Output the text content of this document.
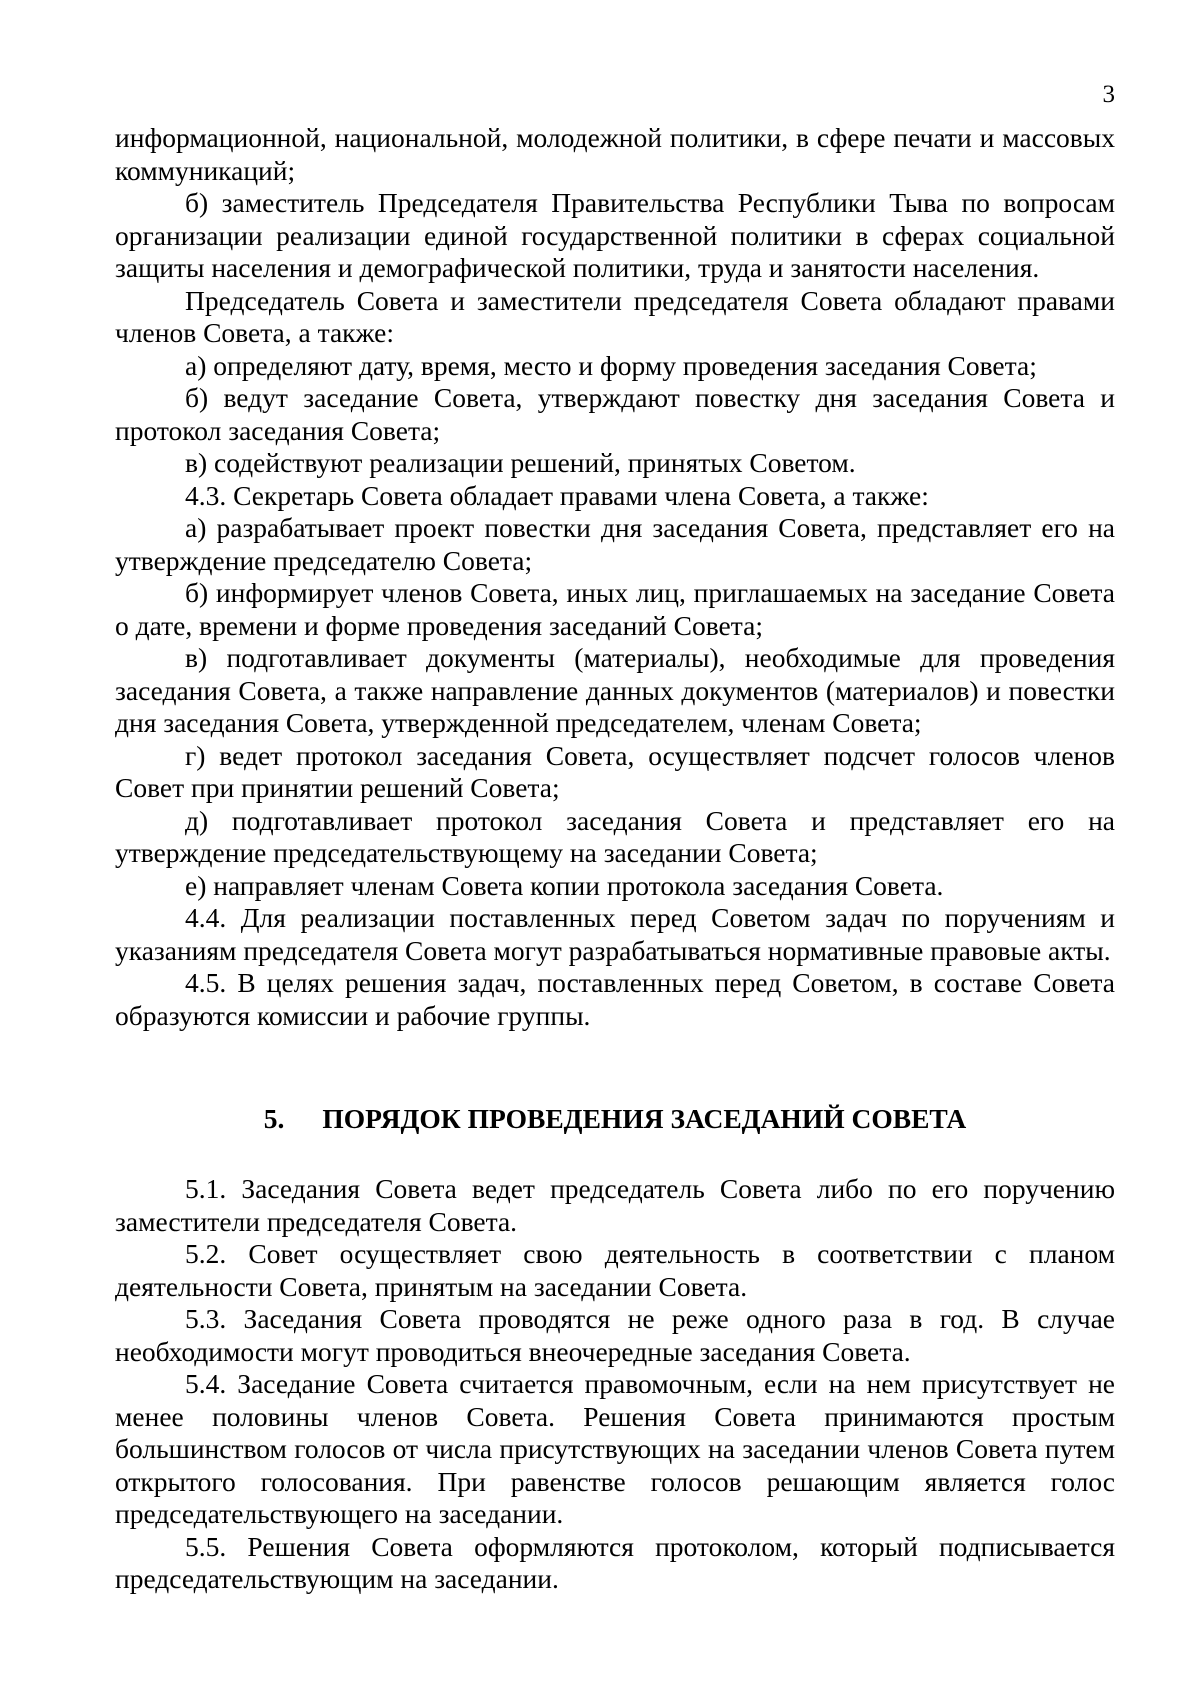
3

информационной, национальной, молодежной политики, в сфере печати и массовых коммуникаций;

б) заместитель Председателя Правительства Республики Тыва по вопросам организации реализации единой государственной политики в сферах социальной защиты населения и демографической политики, труда и занятости населения.

Председатель Совета и заместители председателя Совета обладают правами членов Совета, а также:

а) определяют дату, время, место и форму проведения заседания Совета;

б) ведут заседание Совета, утверждают повестку дня заседания Совета и протокол заседания Совета;

в) содействуют реализации решений, принятых Советом.

4.3. Секретарь Совета обладает правами члена Совета, а также:

а) разрабатывает проект повестки дня заседания Совета, представляет его на утверждение председателю Совета;

б) информирует членов Совета, иных лиц, приглашаемых на заседание Совета о дате, времени и форме проведения заседаний Совета;

в) подготавливает документы (материалы), необходимые для проведения заседания Совета, а также направление данных документов (материалов) и повестки дня заседания Совета, утвержденной председателем, членам Совета;

г) ведет протокол заседания Совета, осуществляет подсчет голосов членов Совет при принятии решений Совета;

д) подготавливает протокол заседания Совета и представляет его на утверждение председательствующему на заседании Совета;

е) направляет членам Совета копии протокола заседания Совета.

4.4. Для реализации поставленных перед Советом задач по поручениям и указаниям председателя Совета могут разрабатываться нормативные правовые акты.

4.5. В целях решения задач, поставленных перед Советом, в составе Совета образуются комиссии и рабочие группы.

5. ПОРЯДОК ПРОВЕДЕНИЯ ЗАСЕДАНИЙ СОВЕТА

5.1. Заседания Совета ведет председатель Совета либо по его поручению заместители председателя Совета.

5.2. Совет осуществляет свою деятельность в соответствии с планом деятельности Совета, принятым на заседании Совета.

5.3. Заседания Совета проводятся не реже одного раза в год. В случае необходимости могут проводиться внеочередные заседания Совета.

5.4. Заседание Совета считается правомочным, если на нем присутствует не менее половины членов Совета. Решения Совета принимаются простым большинством голосов от числа присутствующих на заседании членов Совета путем открытого голосования. При равенстве голосов решающим является голос председательствующего на заседании.

5.5. Решения Совета оформляются протоколом, который подписывается председательствующим на заседании.
